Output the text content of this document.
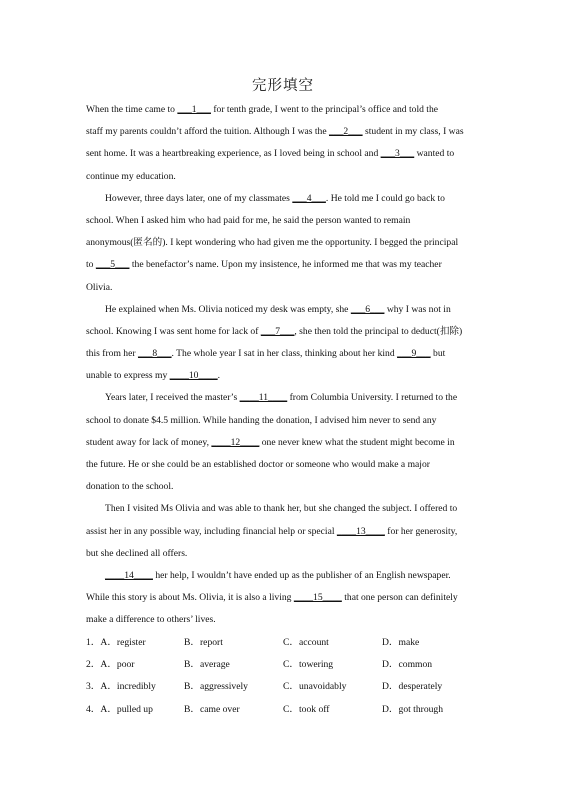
完形填空
When the time came to ___1___ for tenth grade, I went to the principal’s office and told the
staff my parents couldn’t afford the tuition. Although I was the ___2___ student in my class, I was
sent home. It was a heartbreaking experience, as I loved being in school and ___3___ wanted to
continue my education.
However, three days later, one of my classmates ___4___. He told me I could go back to
school. When I asked him who had paid for me, he said the person wanted to remain
anonymous(匿名的). I kept wondering who had given me the opportunity. I begged the principal
to ___5___ the benefactor’s name. Upon my insistence, he informed me that was my teacher
Olivia.
He explained when Ms. Olivia noticed my desk was empty, she ___6___ why I was not in
school. Knowing I was sent home for lack of ___7___, she then told the principal to deduct(扣除)
this from her ___8___. The whole year I sat in her class, thinking about her kind ___9___ but
unable to express my ____10____.
Years later, I received the master’s ____11____ from Columbia University. I returned to the
school to donate $4.5 million. While handing the donation, I advised him never to send any
student away for lack of money, ____12____ one never knew what the student might become in
the future. He or she could be an established doctor or someone who would make a major
donation to the school.
Then I visited Ms Olivia and was able to thank her, but she changed the subject. I offered to
assist her in any possible way, including financial help or special ____13____ for her generosity,
but she declined all offers.
____14____ her help, I wouldn’t have ended up as the publisher of an English newspaper.
While this story is about Ms. Olivia, it is also a living ____15____ that one person can definitely
make a difference to others’ lives.
1．A．register	B．report	C．account	D．make
2．A．poor	B．average	C．towering	D．common
3．A．incredibly	B．aggressively	C．unavoidably	D．desperately
4．A．pulled up	B．came over	C．took off	D．got through
